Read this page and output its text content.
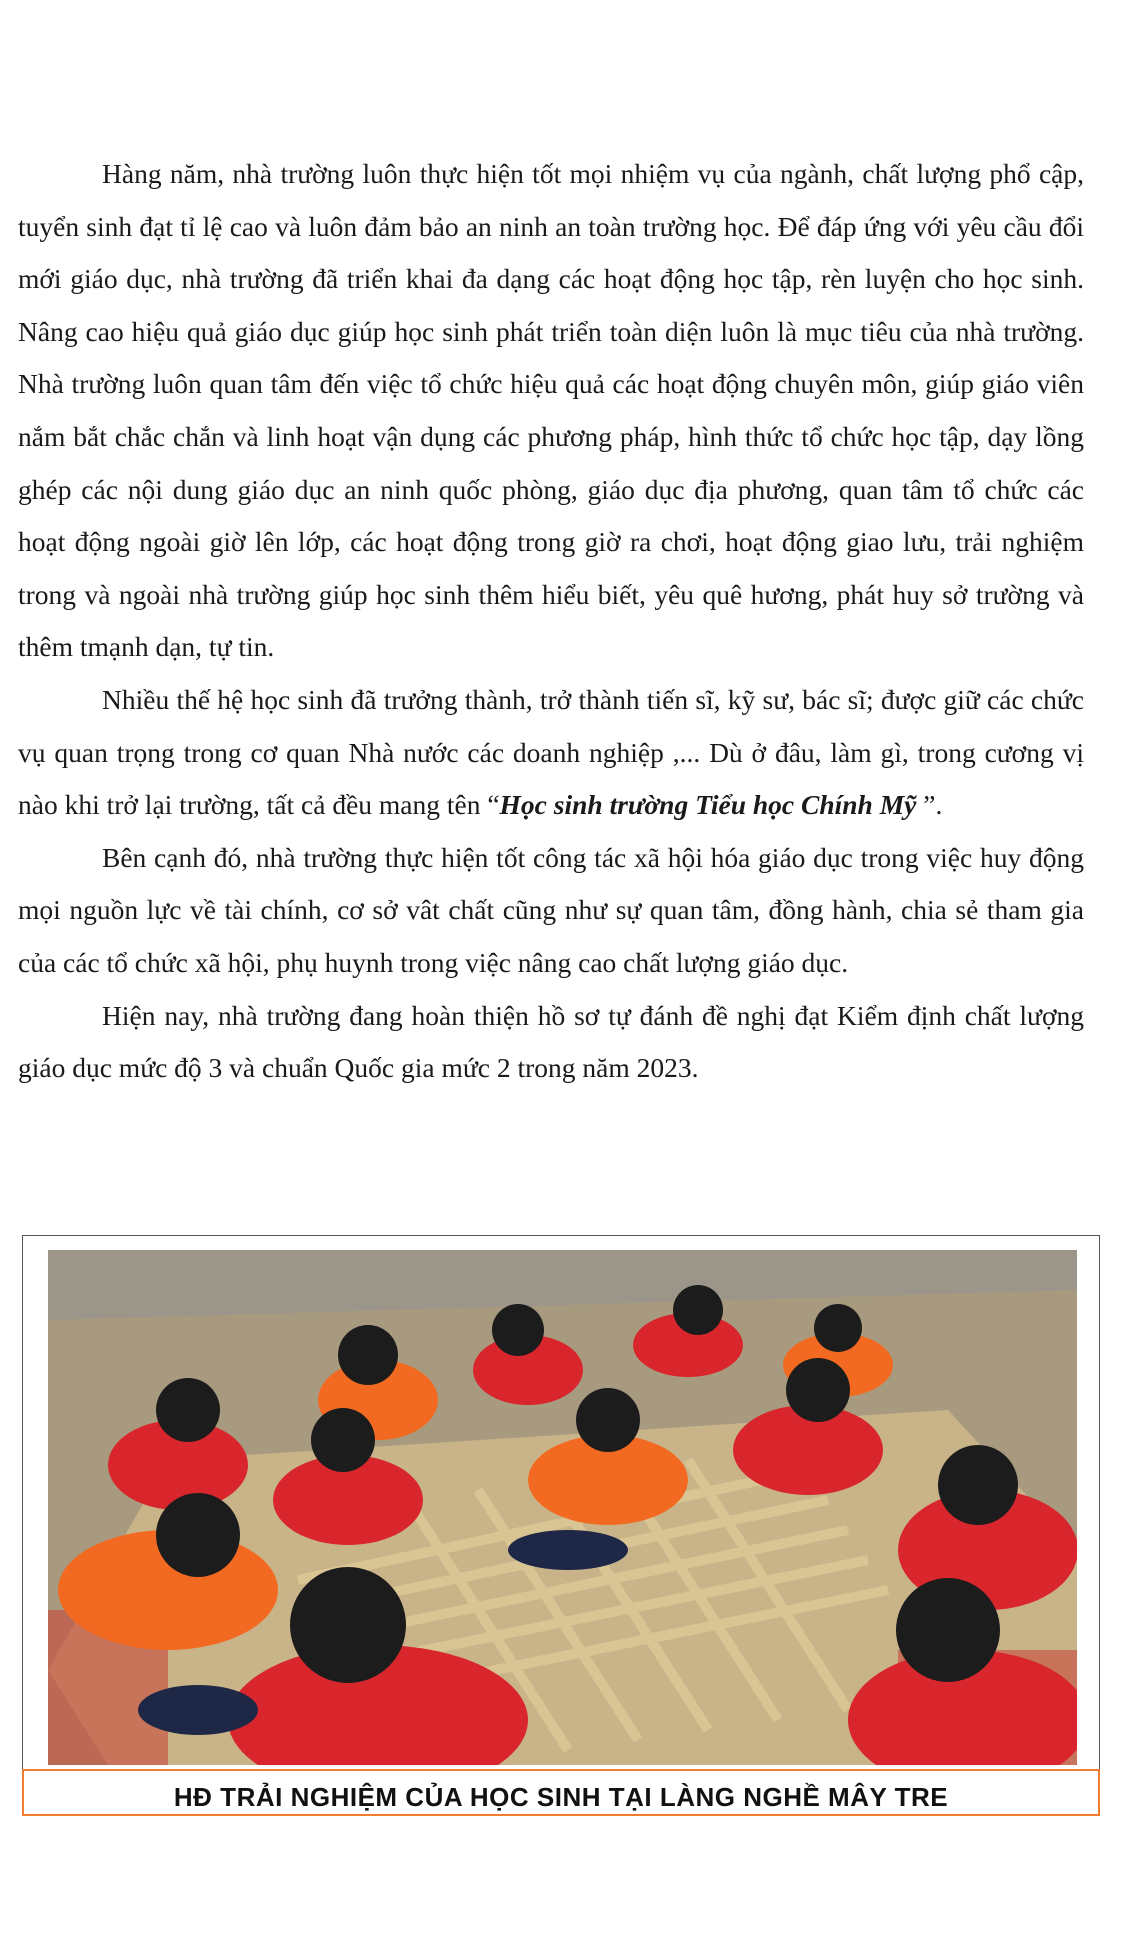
Hàng năm, nhà trường luôn thực hiện tốt mọi nhiệm vụ của ngành, chất lượng phổ cập, tuyển sinh đạt tỉ lệ cao và luôn đảm bảo an ninh an toàn trường học. Để đáp ứng với yêu cầu đổi mới giáo dục, nhà trường đã triển khai đa dạng các hoạt động học tập, rèn luyện cho học sinh. Nâng cao hiệu quả giáo dục giúp học sinh phát triển toàn diện luôn là mục tiêu của nhà trường. Nhà trường luôn quan tâm đến việc tổ chức hiệu quả các hoạt động chuyên môn, giúp giáo viên nắm bắt chắc chắn và linh hoạt vận dụng các phương pháp, hình thức tổ chức học tập, dạy lồng ghép các nội dung giáo dục an ninh quốc phòng, giáo dục địa phương, quan tâm tổ chức các hoạt động ngoài giờ lên lớp, các hoạt động trong giờ ra chơi, hoạt động giao lưu, trải nghiệm trong và ngoài nhà trường giúp học sinh thêm hiểu biết, yêu quê hương, phát huy sở trường và thêm tmạnh dạn, tự tin.

Nhiều thế hệ học sinh đã trưởng thành, trở thành tiến sĩ, kỹ sư, bác sĩ; được giữ các chức vụ quan trọng trong cơ quan Nhà nước các doanh nghiệp ,... Dù ở đâu, làm gì, trong cương vị nào khi trở lại trường, tất cả đều mang tên “Học sinh trường Tiểu học Chính Mỹ ”.

Bên cạnh đó, nhà trường thực hiện tốt công tác xã hội hóa giáo dục trong việc huy động mọi nguồn lực về tài chính, cơ sở vât chất cũng như sự quan tâm, đồng hành, chia sẻ tham gia của các tổ chức xã hội, phụ huynh trong việc nâng cao chất lượng giáo dục.

Hiện nay, nhà trường đang hoàn thiện hồ sơ tự đánh đề nghị đạt Kiểm định chất lượng giáo dục mức độ 3 và chuẩn Quốc gia mức 2 trong năm 2023.

HĐ TRẢI NGHIỆM CỦA HỌC SINH TẠI LÀNG NGHỀ MÂY TRE
